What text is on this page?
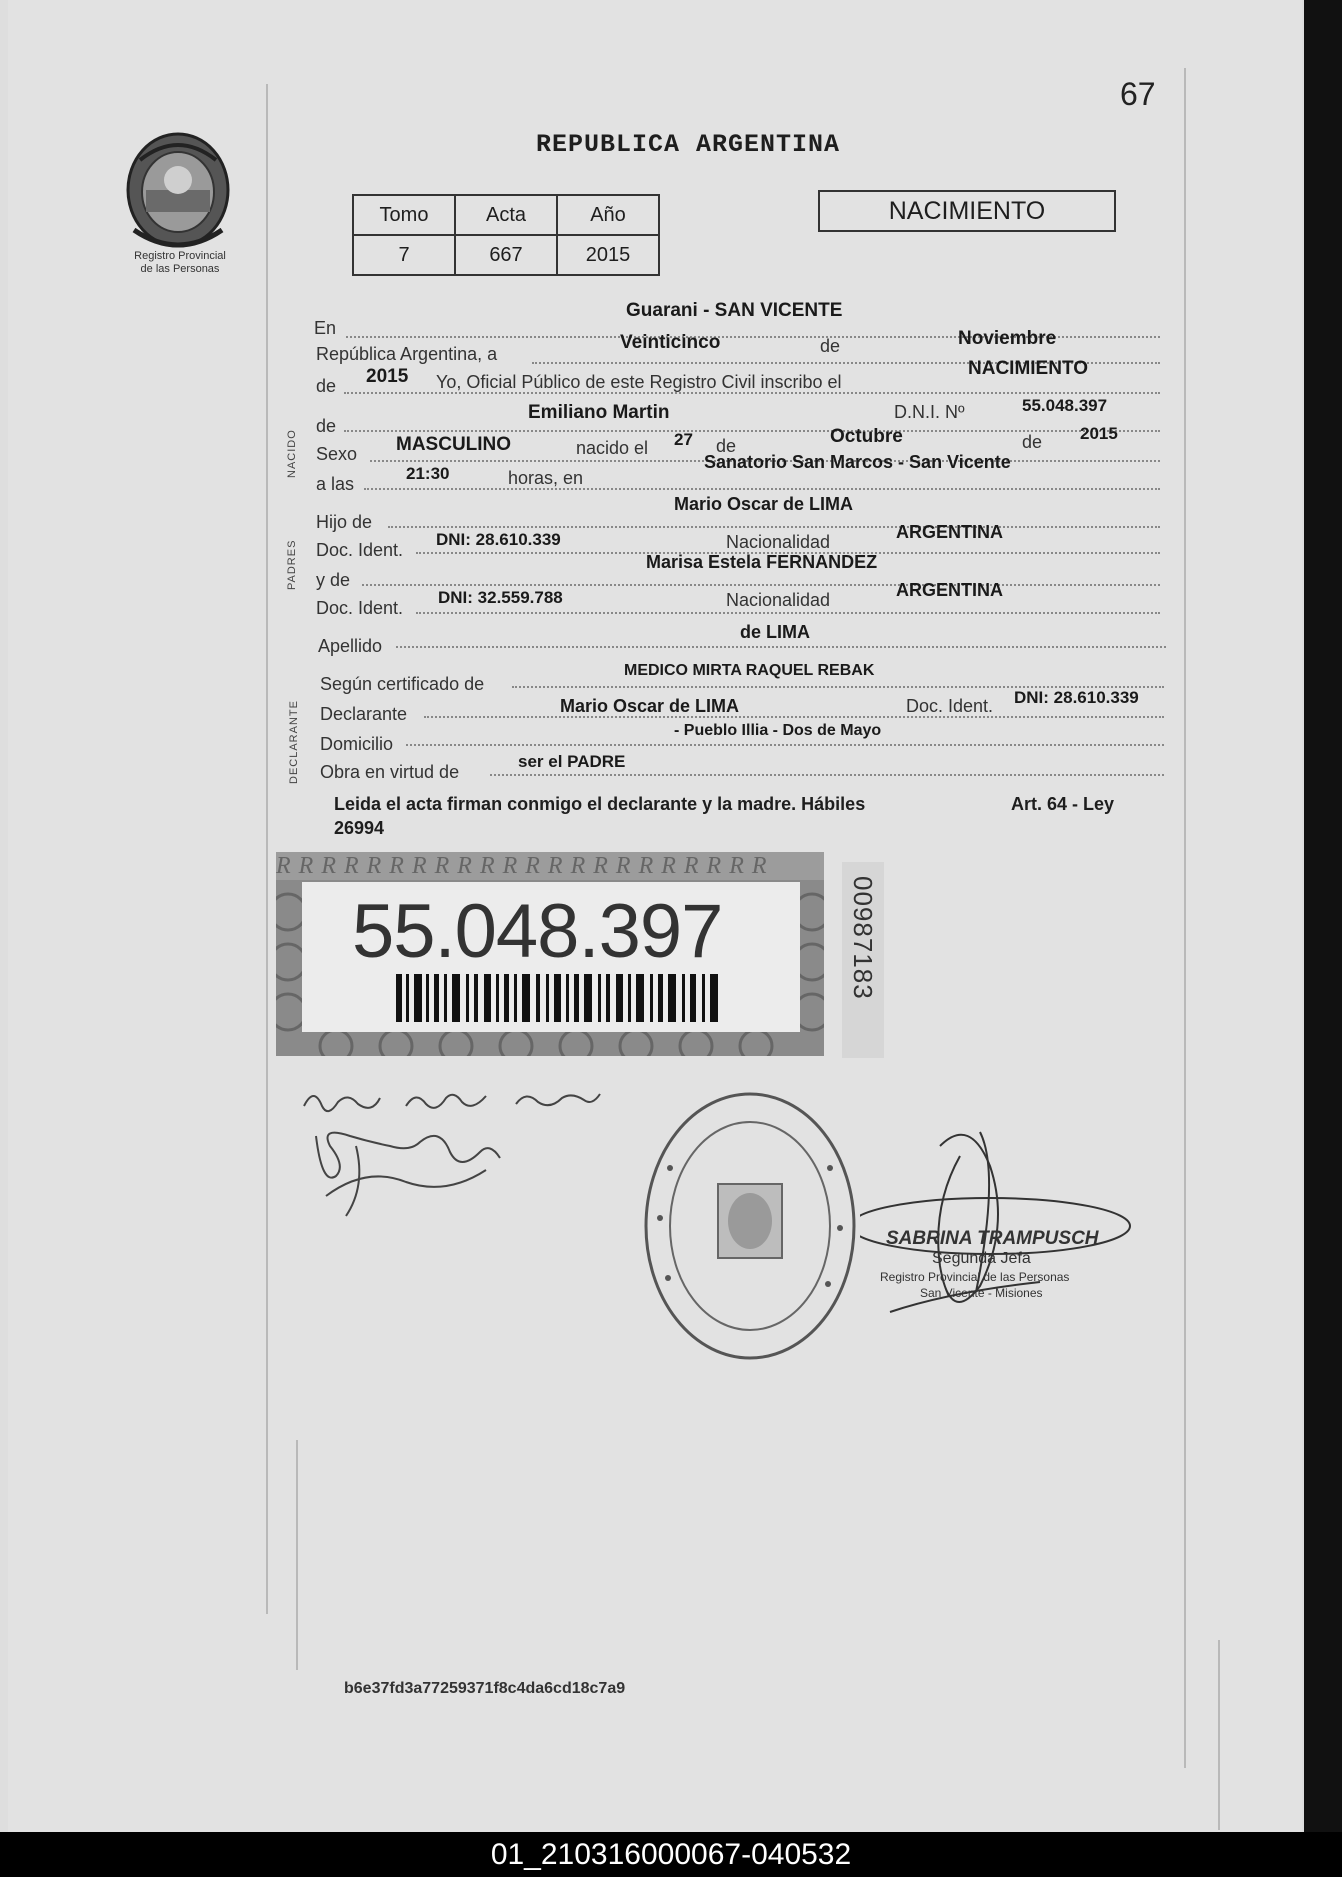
67
Registro Provincial
de las Personas
REPUBLICA ARGENTINA
Tomo	Acta	Año
7	667	2015
NACIMIENTO
NACIDO
PADRES
DECLARANTE
En
Guarani - SAN VICENTE
República Argentina, a
Veinticinco	de	Noviembre
de 2015 Yo, Oficial Público de este Registro Civil inscribo el
NACIMIENTO
de
Emiliano Martin	D.N.I. Nº	55.048.397
Sexo MASCULINO	nacido el 27 de	Octubre	de 2015
a las
21:30	horas, en
Sanatorio San Marcos - San Vicente
Hijo de
Mario Oscar de LIMA
Doc. Ident.
DNI: 28.610.339	Nacionalidad	ARGENTINA
y de
Marisa Estela FERNANDEZ
Doc. Ident.
DNI: 32.559.788	Nacionalidad	ARGENTINA
Apellido
de LIMA
Según certificado de
MEDICO MIRTA RAQUEL REBAK
Declarante	Mario Oscar de LIMA	Doc. Ident. DNI: 28.610.339
Domicilio
- Pueblo Illia - Dos de Mayo
Obra en virtud de
ser el PADRE
Leida el acta firman conmigo el declarante y la madre. Hábiles	Art. 64 - Ley
26994
RRRRRRRRRRRRRRRRRRRRRR
55.048.397	00987183
SABRINA TRAMPUSCH
Segunda Jefa
Registro Provincial de las Personas
San Vicente - Misiones
b6e37fd3a77259371f8c4da6cd18c7a9
01_210316000067-040532
